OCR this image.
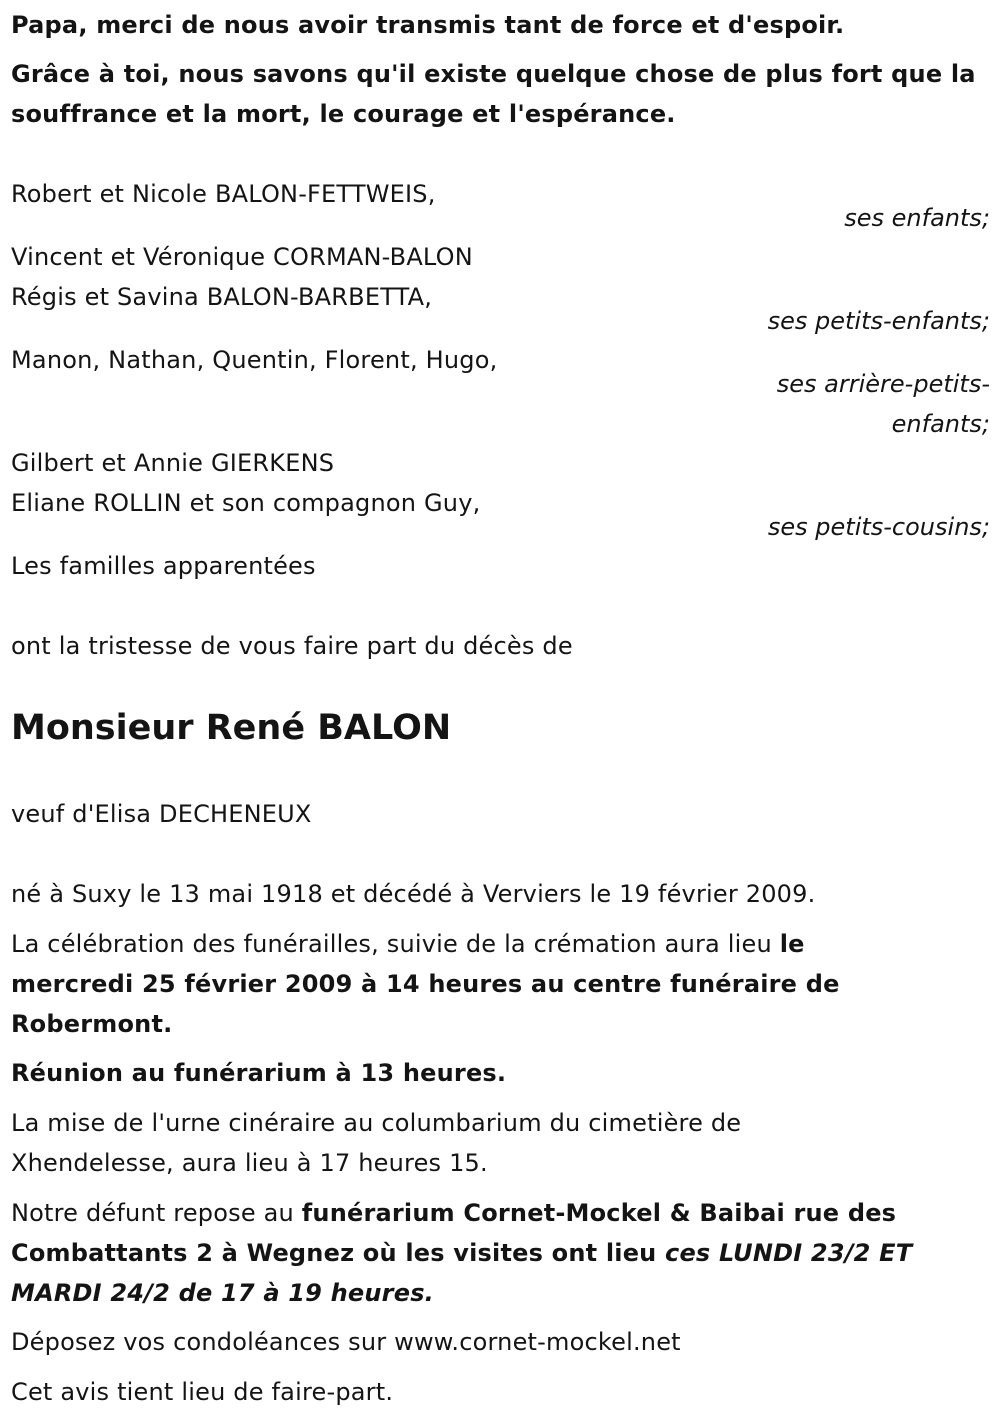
Papa, merci de nous avoir transmis tant de force et d'espoir.

Grâce à toi, nous savons qu'il existe quelque chose de plus fort que la

souffrance et la mort, le courage et l'espérance.

Robert et Nicole BALON-FETTWEIS,

ses enfants;

Vincent et Véronique CORMAN-BALON

Régis et Savina BALON-BARBETTA,

ses petits-enfants;

Manon, Nathan, Quentin, Florent, Hugo,

ses arrière-petits-

enfants;

Gilbert et Annie GIERKENS

Eliane ROLLIN et son compagnon Guy,

ses petits-cousins;

Les familles apparentées

ont la tristesse de vous faire part du décès de

Monsieur René BALON

veuf d'Elisa DECHENEUX

né à Suxy le 13 mai 1918 et décédé à Verviers le 19 février 2009.

La célébration des funérailles, suivie de la crémation aura lieu le

mercredi 25 février 2009 à 14 heures au centre funéraire de

Robermont.

Réunion au funérarium à 13 heures.

La mise de l'urne cinéraire au columbarium du cimetière de

Xhendelesse, aura lieu à 17 heures 15.

Notre défunt repose au funérarium Cornet-Mockel & Baibai rue des

Combattants 2 à Wegnez où les visites ont lieu ces LUNDI 23/2 ET

MARDI 24/2 de 17 à 19 heures.

Déposez vos condoléances sur www.cornet-mockel.net

Cet avis tient lieu de faire-part.
